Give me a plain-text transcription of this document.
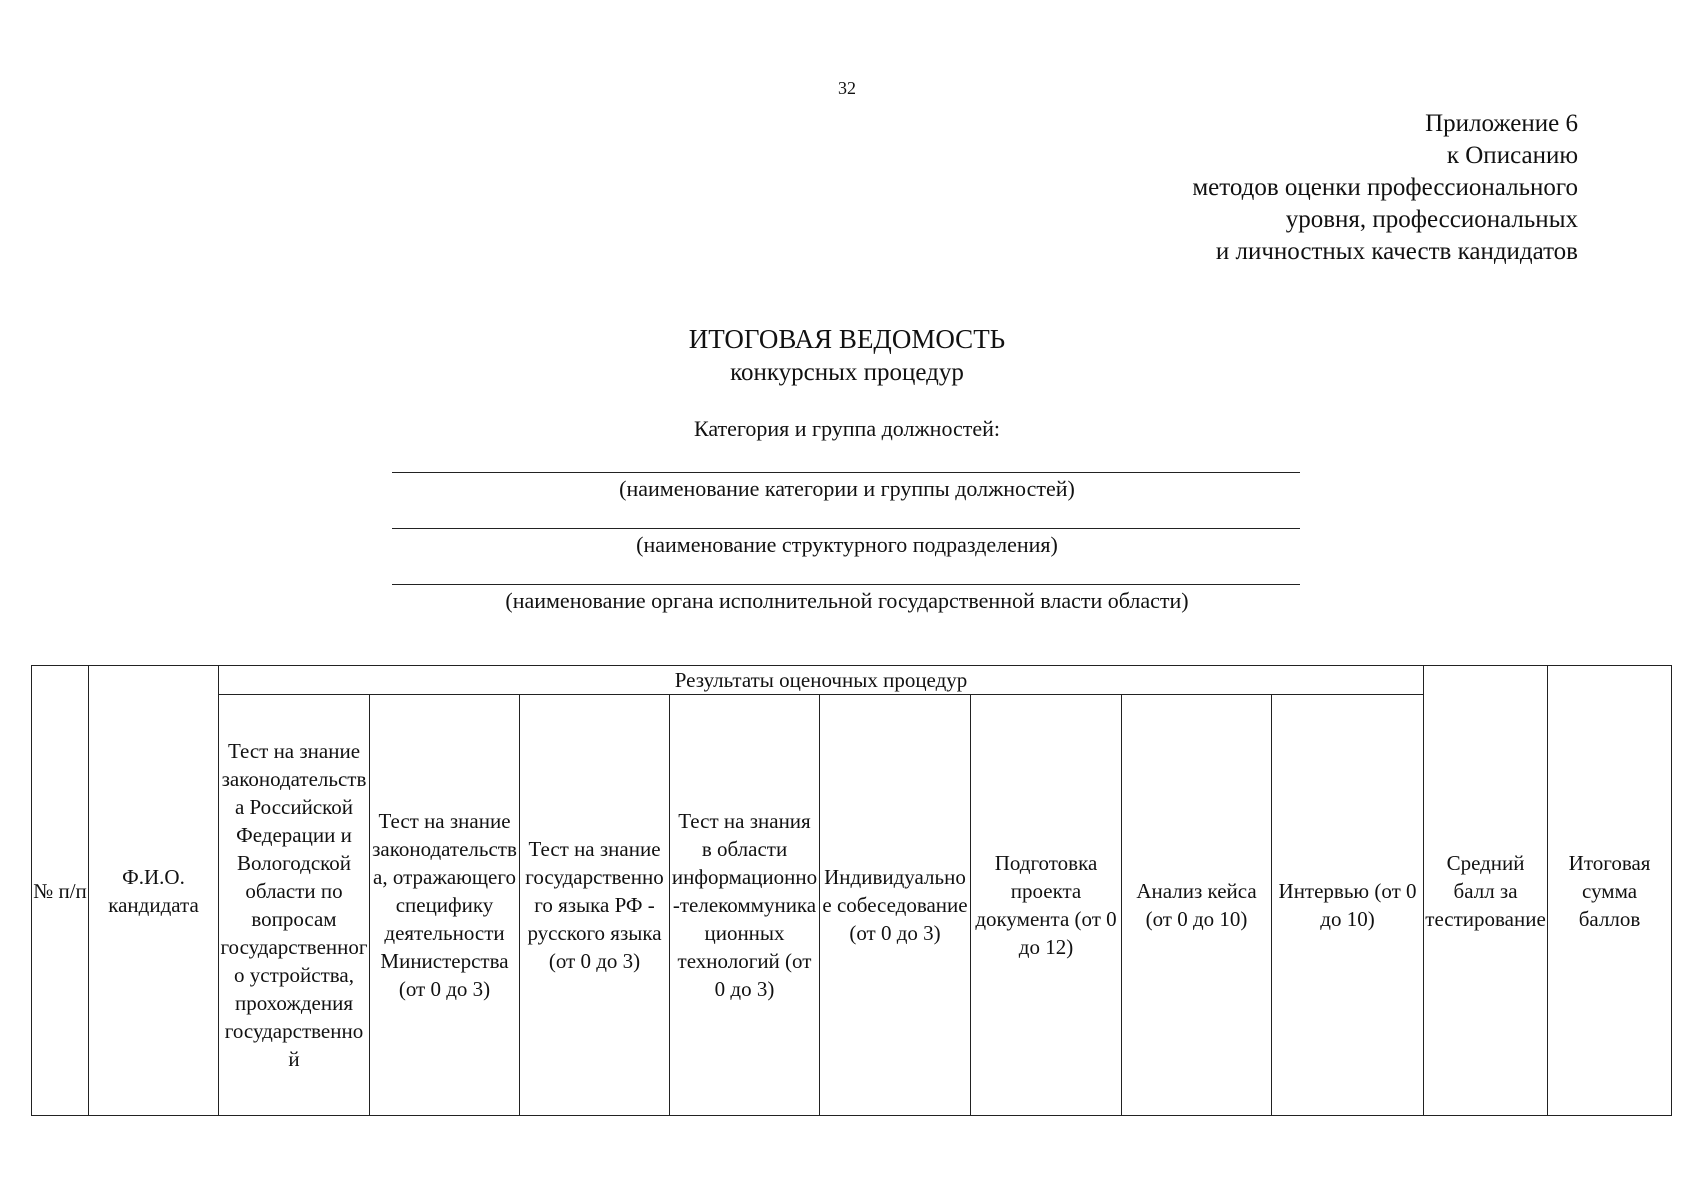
32
Приложение 6
к Описанию
методов оценки профессионального
уровня, профессиональных
и личностных качеств кандидатов
ИТОГОВАЯ ВЕДОМОСТЬ
конкурсных процедур
Категория и группа должностей:
(наименование категории и группы должностей)
(наименование структурного подразделения)
(наименование органа исполнительной государственной власти области)
№ п/п	Ф.И.О. кандидата	Результаты оценочных процедур								Средний балл за тестирование	Итоговая сумма баллов
		Тест на знание законодательства Российской Федерации и Вологодской области по вопросам государственного устройства, прохождения государственной	Тест на знание законодательства, отражающего специфику деятельности Министерства (от 0 до 3)	Тест на знание государственного языка РФ - русского языка (от 0 до 3)	Тест на знания в области информационно-телекоммуникационных технологий (от 0 до 3)	Индивидуальное собеседование (от 0 до 3)	Подготовка проекта документа (от 0 до 12)	Анализ кейса (от 0 до 10)	Интервью (от 0 до 10)		
